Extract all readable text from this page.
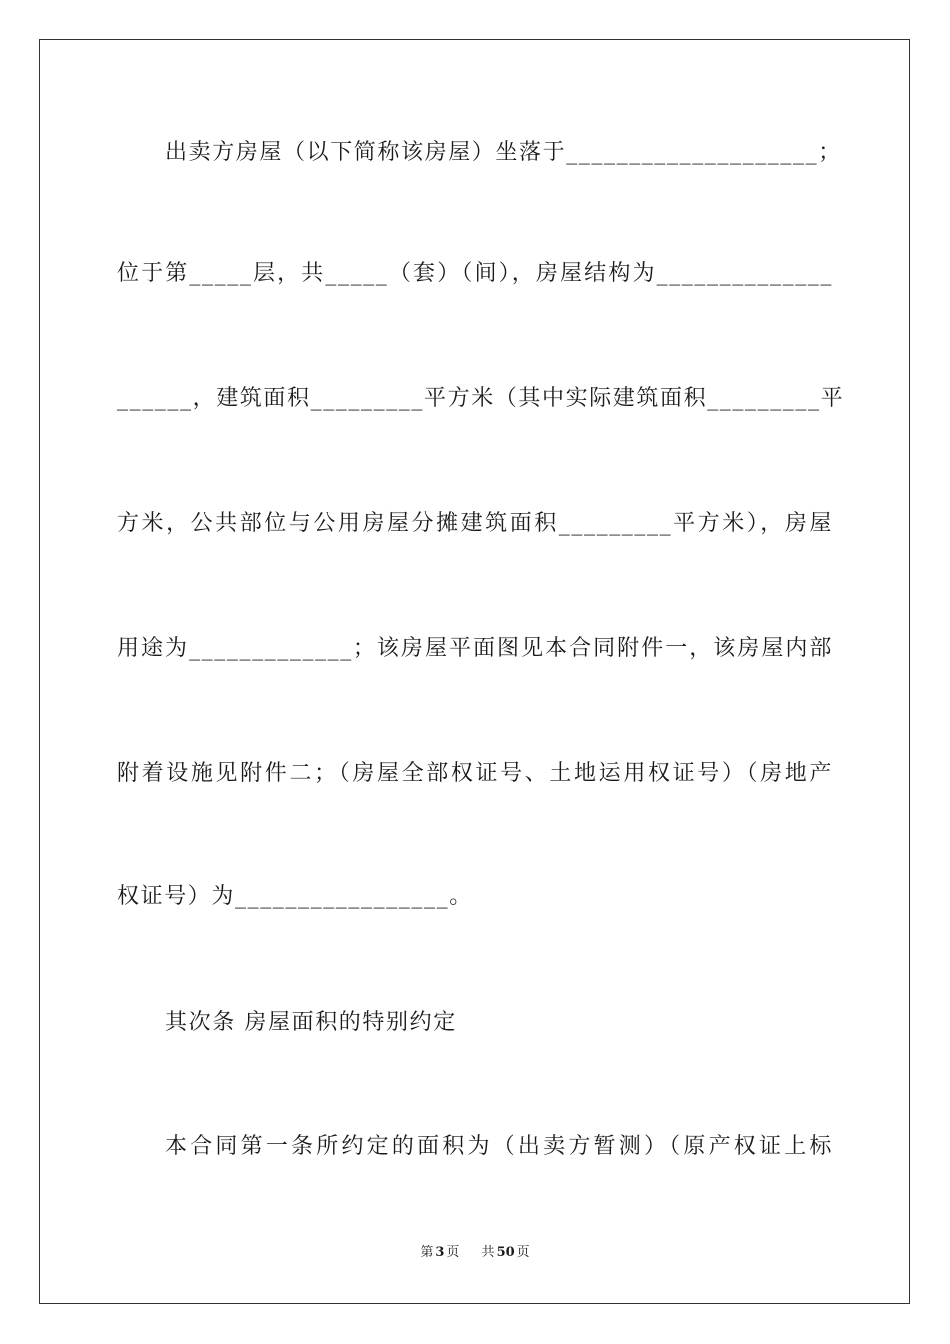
出卖方房屋（以下简称该房屋）坐落于____________________；
位于第_____层，共_____（套）（间），房屋结构为______________
______，建筑面积_________平方米（其中实际建筑面积_________平
方米，公共部位与公用房屋分摊建筑面积_________平方米），房屋
用途为_____________；该房屋平面图见本合同附件一，该房屋内部
附着设施见附件二；（房屋全部权证号、土地运用权证号）（房地产
权证号）为_________________。
其次条 房屋面积的特别约定
本合同第一条所约定的面积为（出卖方暂测）（原产权证上标
第 3 页 共 50 页
